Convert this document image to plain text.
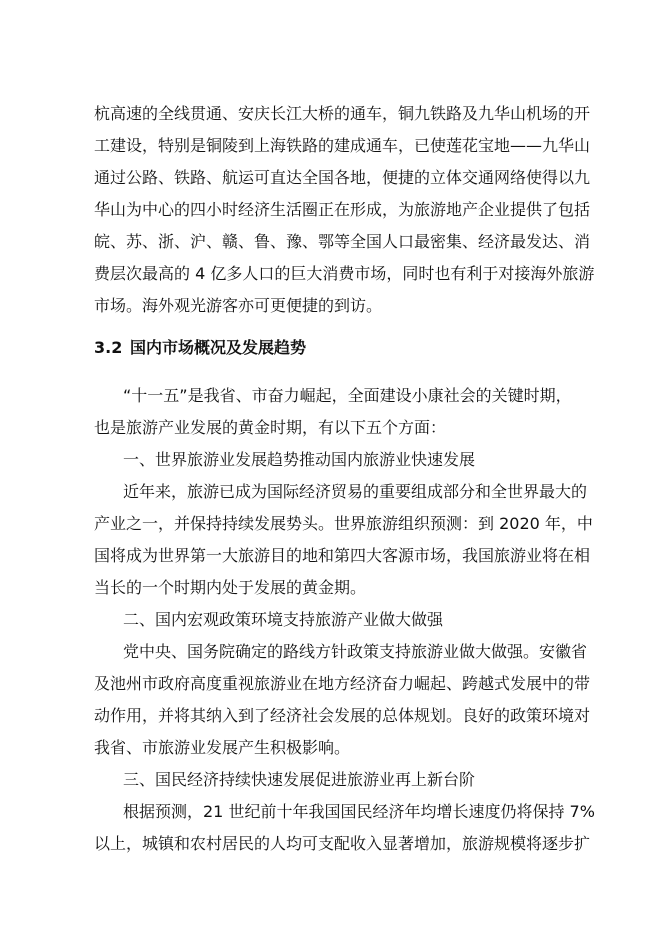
杭高速的全线贯通、安庆长江大桥的通车，铜九铁路及九华山机场的开
工建设，特别是铜陵到上海铁路的建成通车，已使莲花宝地——九华山
通过公路、铁路、航运可直达全国各地，便捷的立体交通网络使得以九
华山为中心的四小时经济生活圈正在形成，为旅游地产企业提供了包括
皖、苏、浙、沪、赣、鲁、豫、鄂等全国人口最密集、经济最发达、消
费层次最高的 4 亿多人口的巨大消费市场，同时也有利于对接海外旅游
市场。海外观光游客亦可更便捷的到访。
3.2 国内市场概况及发展趋势
“十一五”是我省、市奋力崛起，全面建设小康社会的关键时期，
也是旅游产业发展的黄金时期，有以下五个方面：
一、世界旅游业发展趋势推动国内旅游业快速发展
近年来，旅游已成为国际经济贸易的重要组成部分和全世界最大的
产业之一，并保持持续发展势头。世界旅游组织预测：到 2020 年，中
国将成为世界第一大旅游目的地和第四大客源市场，我国旅游业将在相
当长的一个时期内处于发展的黄金期。
二、国内宏观政策环境支持旅游产业做大做强
党中央、国务院确定的路线方针政策支持旅游业做大做强。安徽省
及池州市政府高度重视旅游业在地方经济奋力崛起、跨越式发展中的带
动作用，并将其纳入到了经济社会发展的总体规划。良好的政策环境对
我省、市旅游业发展产生积极影响。
三、国民经济持续快速发展促进旅游业再上新台阶
根据预测，21 世纪前十年我国国民经济年均增长速度仍将保持 7%
以上，城镇和农村居民的人均可支配收入显著增加，旅游规模将逐步扩
